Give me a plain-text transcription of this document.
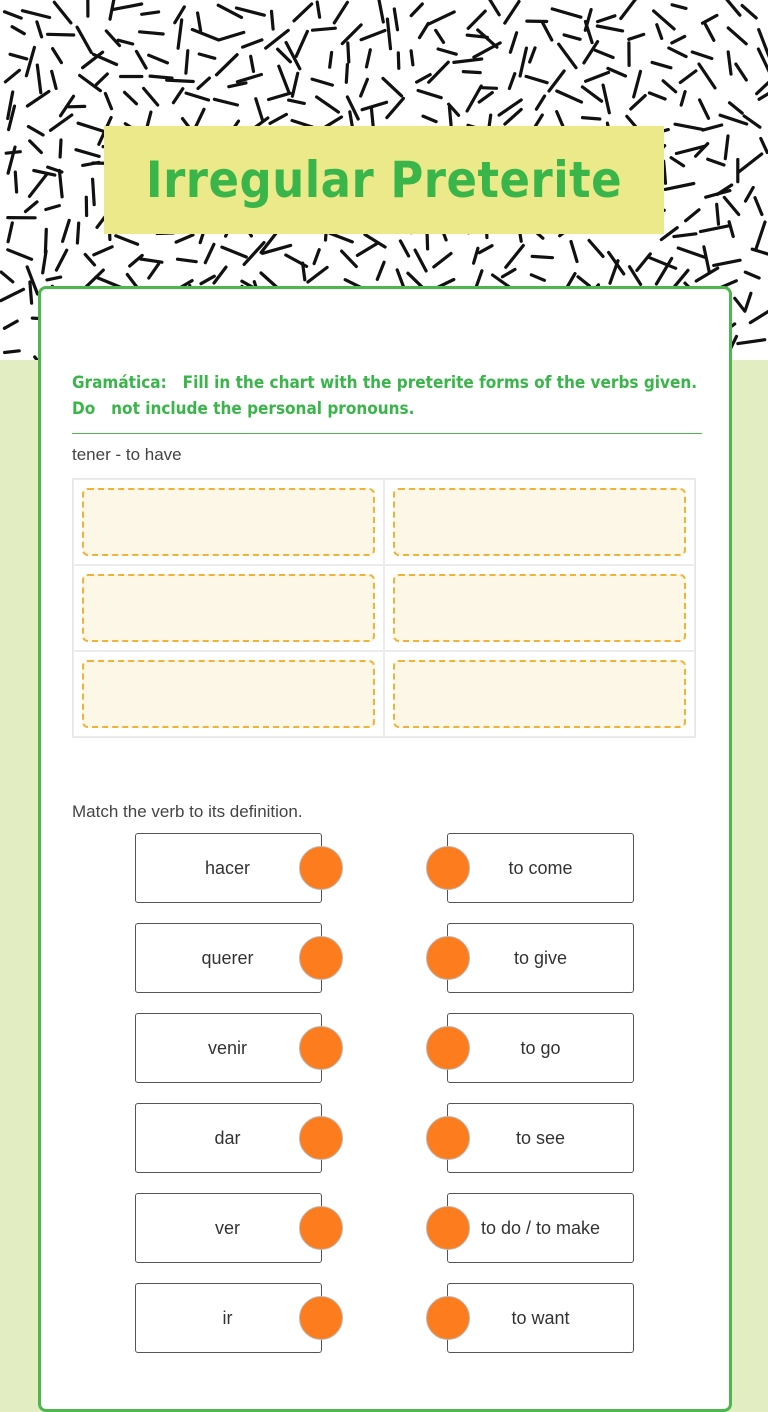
Irregular Preterite
Gramática:   Fill in the chart with the preterite forms of the verbs given.
Do   not include the personal pronouns.
tener - to have
Match the verb to its definition.
hacer
querer
venir
dar
ver
ir
to come
to give
to go
to see
to do / to make
to want
